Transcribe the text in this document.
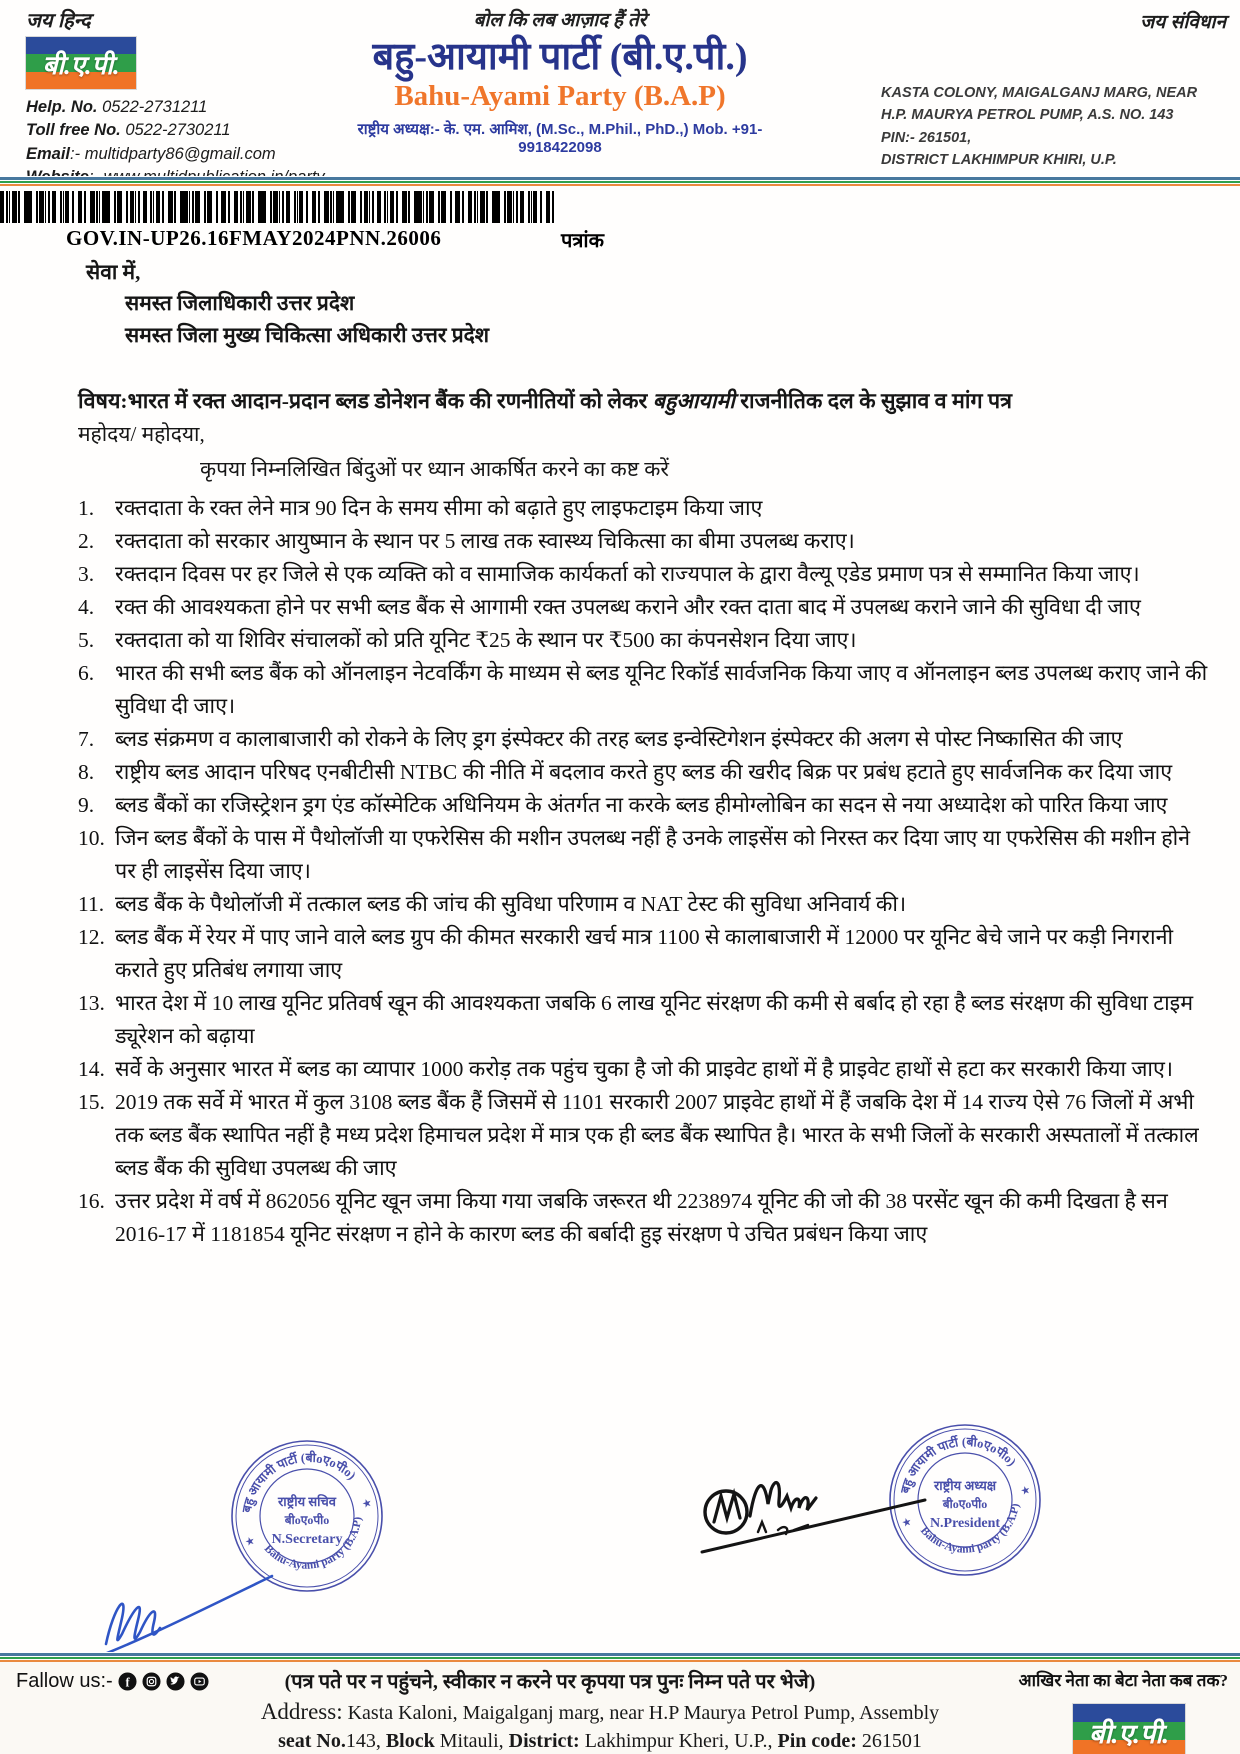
जय हिन्द
बी.ए.पी.
Help. No. 0522-2731211
Toll free No. 0522-2730211
Email:- multidparty86@gmail.com
बोल कि लब आज़ाद हैं तेरे
बहु-आयामी पार्टी (बी.ए.पी.)
Bahu-Ayami Party (B.A.P)
राष्ट्रीय अध्यक्ष:- के. एम. आमिश, (M.Sc., M.Phil., PhD.,) Mob. +91-9918422098
जय संविधान
KASTA COLONY, MAIGALGANJ MARG, NEAR
H.P. MAURYA PETROL PUMP, A.S. NO. 143
PIN:- 261501,
DISTRICT LAKHIMPUR KHIRI, U.P.
GOV.IN-UP26.16FMAY2024PNN.26006	पत्रांक
सेवा में,
समस्त जिलाधिकारी उत्तर प्रदेश
समस्त जिला मुख्य चिकित्सा अधिकारी उत्तर प्रदेश
विषय:भारत में रक्त आदान-प्रदान ब्लड डोनेशन बैंक की रणनीतियों को लेकर बहुआयामी राजनीतिक दल के सुझाव व मांग पत्र
महोदय/ महोदया,
कृपया निम्नलिखित बिंदुओं पर ध्यान आकर्षित करने का कष्ट करें
रक्तदाता के रक्त लेने मात्र 90 दिन के समय सीमा को बढ़ाते हुए लाइफटाइम किया जाए
रक्तदाता को सरकार आयुष्मान के स्थान पर 5 लाख तक स्वास्थ्य चिकित्सा का बीमा उपलब्ध कराए।
रक्तदान दिवस पर हर जिले से एक व्यक्ति को व सामाजिक कार्यकर्ता को राज्यपाल के द्वारा वैल्यू एडेड प्रमाण पत्र से सम्मानित किया जाए।
रक्त की आवश्यकता होने पर सभी ब्लड बैंक से आगामी रक्त उपलब्ध कराने और रक्त दाता बाद में उपलब्ध कराने जाने की सुविधा दी जाए
रक्तदाता को या शिविर संचालकों को प्रति यूनिट ₹25 के स्थान पर ₹500 का कंपनसेशन दिया जाए।
भारत की सभी ब्लड बैंक को ऑनलाइन नेटवर्किंग के माध्यम से ब्लड यूनिट रिकॉर्ड सार्वजनिक किया जाए व ऑनलाइन ब्लड उपलब्ध कराए जाने की सुविधा दी जाए।
ब्लड संक्रमण व कालाबाजारी को रोकने के लिए ड्रग इंस्पेक्टर की तरह ब्लड इन्वेस्टिगेशन इंस्पेक्टर की अलग से पोस्ट निष्कासित की जाए
राष्ट्रीय ब्लड आदान परिषद एनबीटीसी NTBC की नीति में बदलाव करते हुए ब्लड की खरीद बिक्र पर प्रबंध हटाते हुए सार्वजनिक कर दिया जाए
ब्लड बैंकों का रजिस्ट्रेशन ड्रग एंड कॉस्मेटिक अधिनियम के अंतर्गत ना करके ब्लड हीमोग्लोबिन का सदन से नया अध्यादेश को पारित किया जाए
जिन ब्लड बैंकों के पास में पैथोलॉजी या एफरेसिस की मशीन उपलब्ध नहीं है उनके लाइसेंस को निरस्त कर दिया जाए या एफरेसिस की मशीन होने पर ही लाइसेंस दिया जाए।
ब्लड बैंक के पैथोलॉजी में तत्काल ब्लड की जांच की सुविधा परिणाम व NAT टेस्ट की सुविधा अनिवार्य की।
ब्लड बैंक में रेयर में पाए जाने वाले ब्लड ग्रुप की कीमत सरकारी खर्च मात्र 1100 से कालाबाजारी में 12000 पर यूनिट बेचे जाने पर कड़ी निगरानी कराते हुए प्रतिबंध लगाया जाए
भारत देश में 10 लाख यूनिट प्रतिवर्ष खून की आवश्यकता जबकि 6 लाख यूनिट संरक्षण की कमी से बर्बाद हो रहा है ब्लड संरक्षण की सुविधा टाइम ड्यूरेशन को बढ़ाया
सर्वे के अनुसार भारत में ब्लड का व्यापार 1000 करोड़ तक पहुंच चुका है जो की प्राइवेट हाथों में है प्राइवेट हाथों से हटा कर सरकारी किया जाए।
2019 तक सर्वे में भारत में कुल 3108 ब्लड बैंक हैं जिसमें से 1101 सरकारी 2007 प्राइवेट हाथों में हैं जबकि देश में 14 राज्य ऐसे 76 जिलों में अभी तक ब्लड बैंक स्थापित नहीं है मध्य प्रदेश हिमाचल प्रदेश में मात्र एक ही ब्लड बैंक स्थापित है। भारत के सभी जिलों के सरकारी अस्पतालों में तत्काल ब्लड बैंक की सुविधा उपलब्ध की जाए
उत्तर प्रदेश में वर्ष में 862056 यूनिट खून जमा किया गया जबकि जरूरत थी 2238974 यूनिट की जो की 38 परसेंट खून की कमी दिखता है सन 2016-17 में 1181854 यूनिट संरक्षण न होने के कारण ब्लड की बर्बादी हुइ संरक्षण पे उचित प्रबंधन किया जाए
बहु आयामी पार्टी (बीoएoपीo)
Bahu-Ayami party (B.A.P)
★
★
राष्ट्रीय सचिव
बीoएoपीo
N.Secretary
बहु आयामी पार्टी (बीoएoपीo)
Bahu-Ayami party (B.A.P)
★
★
राष्ट्रीय अध्यक्ष
बीoएoपीo
N.President
Fallow us:- f	(पत्र पते पर न पहुंचने, स्वीकार न करने पर कृपया पत्र पुनः निम्न पते पर भेजे)
Address: Kasta Kaloni, Maigalganj marg, near H.P Maurya Petrol Pump, Assembly
seat No.143, Block Mitauli, District: Lakhimpur Kheri, U.P., Pin code: 261501
आखिर नेता का बेटा नेता कब तक?
बी.ए.पी.
